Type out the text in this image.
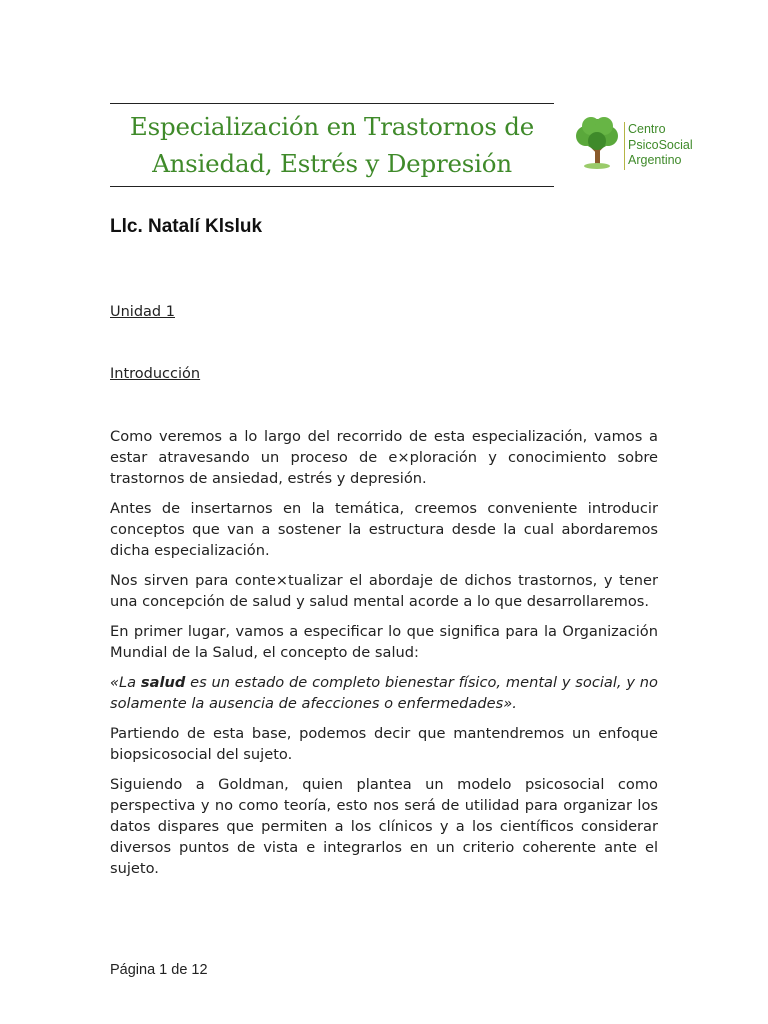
Especialización en Trastornos de
Ansiedad, Estrés y Depresión
Centro
PsicoSocial
Argentino
Llc. Natalí Klsluk
Unidad 1
Introducción

Como veremos a lo largo del recorrido de esta especialización, vamos a estar atravesando un proceso de e×ploración y conocimiento sobre trastornos de ansiedad, estrés y depresión.

Antes de insertarnos en la temática, creemos conveniente introducir conceptos que van a sostener la estructura desde la cual abordaremos dicha especialización.

Nos sirven para conte×tualizar el abordaje de dichos trastornos, y tener una concepción de salud y salud mental acorde a lo que desarrollaremos.

En primer lugar, vamos a especificar lo que significa para la Organización Mundial de la Salud, el concepto de salud:

«La salud es un estado de completo bienestar físico, mental y social, y no solamente la ausencia de afecciones o enfermedades».

Partiendo de esta base, podemos decir que mantendremos un enfoque biopsicosocial del sujeto.

Siguiendo a Goldman, quien plantea un modelo psicosocial como perspectiva y no como teoría, esto nos será de utilidad para organizar los datos dispares que permiten a los clínicos y a los científicos considerar diversos puntos de vista e integrarlos en un criterio coherente ante el sujeto.

Página 1 de 12
